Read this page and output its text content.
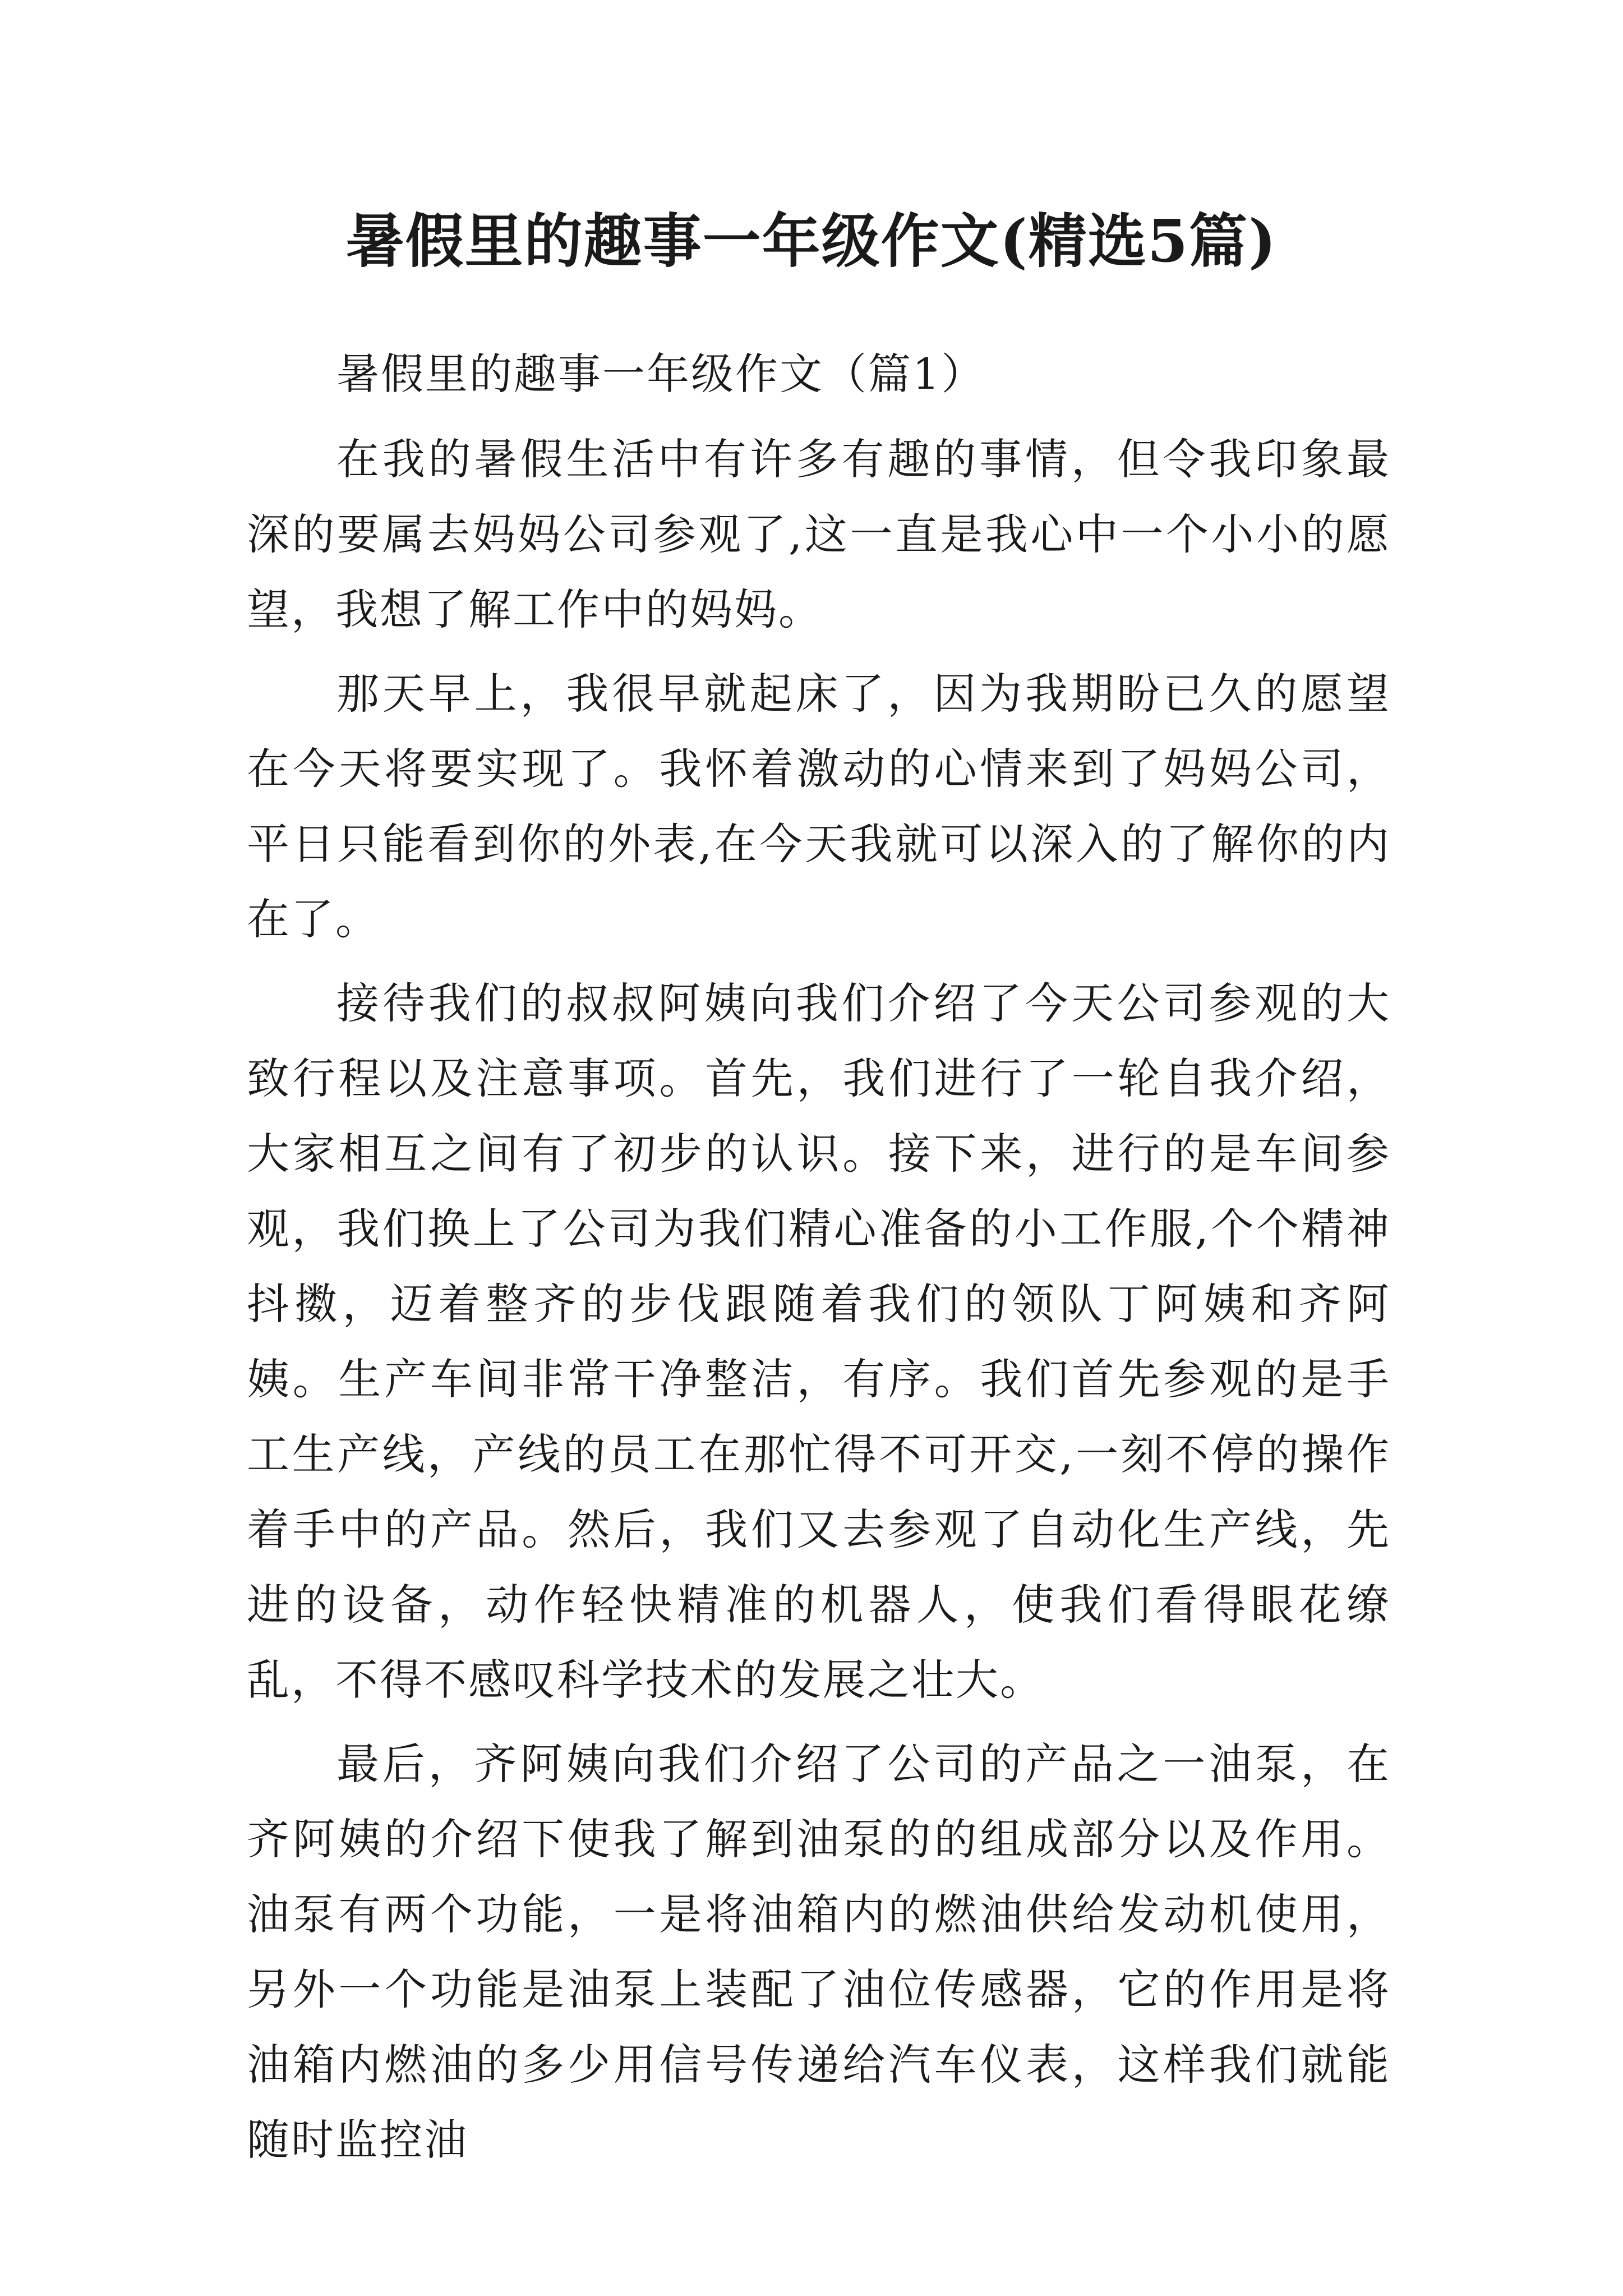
暑假里的趣事一年级作文(精选5篇)

暑假里的趣事一年级作文（篇1）

在我的暑假生活中有许多有趣的事情，但令我印象最深的要属去妈妈公司参观了,这一直是我心中一个小小的愿望，我想了解工作中的妈妈。

那天早上，我很早就起床了，因为我期盼已久的愿望在今天将要实现了。我怀着激动的心情来到了妈妈公司，平日只能看到你的外表,在今天我就可以深入的了解你的内在了。

接待我们的叔叔阿姨向我们介绍了今天公司参观的大致行程以及注意事项。首先，我们进行了一轮自我介绍，大家相互之间有了初步的认识。接下来，进行的是车间参观，我们换上了公司为我们精心准备的小工作服,个个精神抖擞，迈着整齐的步伐跟随着我们的领队丁阿姨和齐阿姨。生产车间非常干净整洁，有序。我们首先参观的是手工生产线，产线的员工在那忙得不可开交,一刻不停的操作着手中的产品。然后，我们又去参观了自动化生产线，先进的设备，动作轻快精准的机器人，使我们看得眼花缭乱，不得不感叹科学技术的发展之壮大。

最后，齐阿姨向我们介绍了公司的产品之一油泵，在齐阿姨的介绍下使我了解到油泵的的组成部分以及作用。油泵有两个功能，一是将油箱内的燃油供给发动机使用，另外一个功能是油泵上装配了油位传感器，它的作用是将油箱内燃油的多少用信号传递给汽车仪表，这样我们就能随时监控油
